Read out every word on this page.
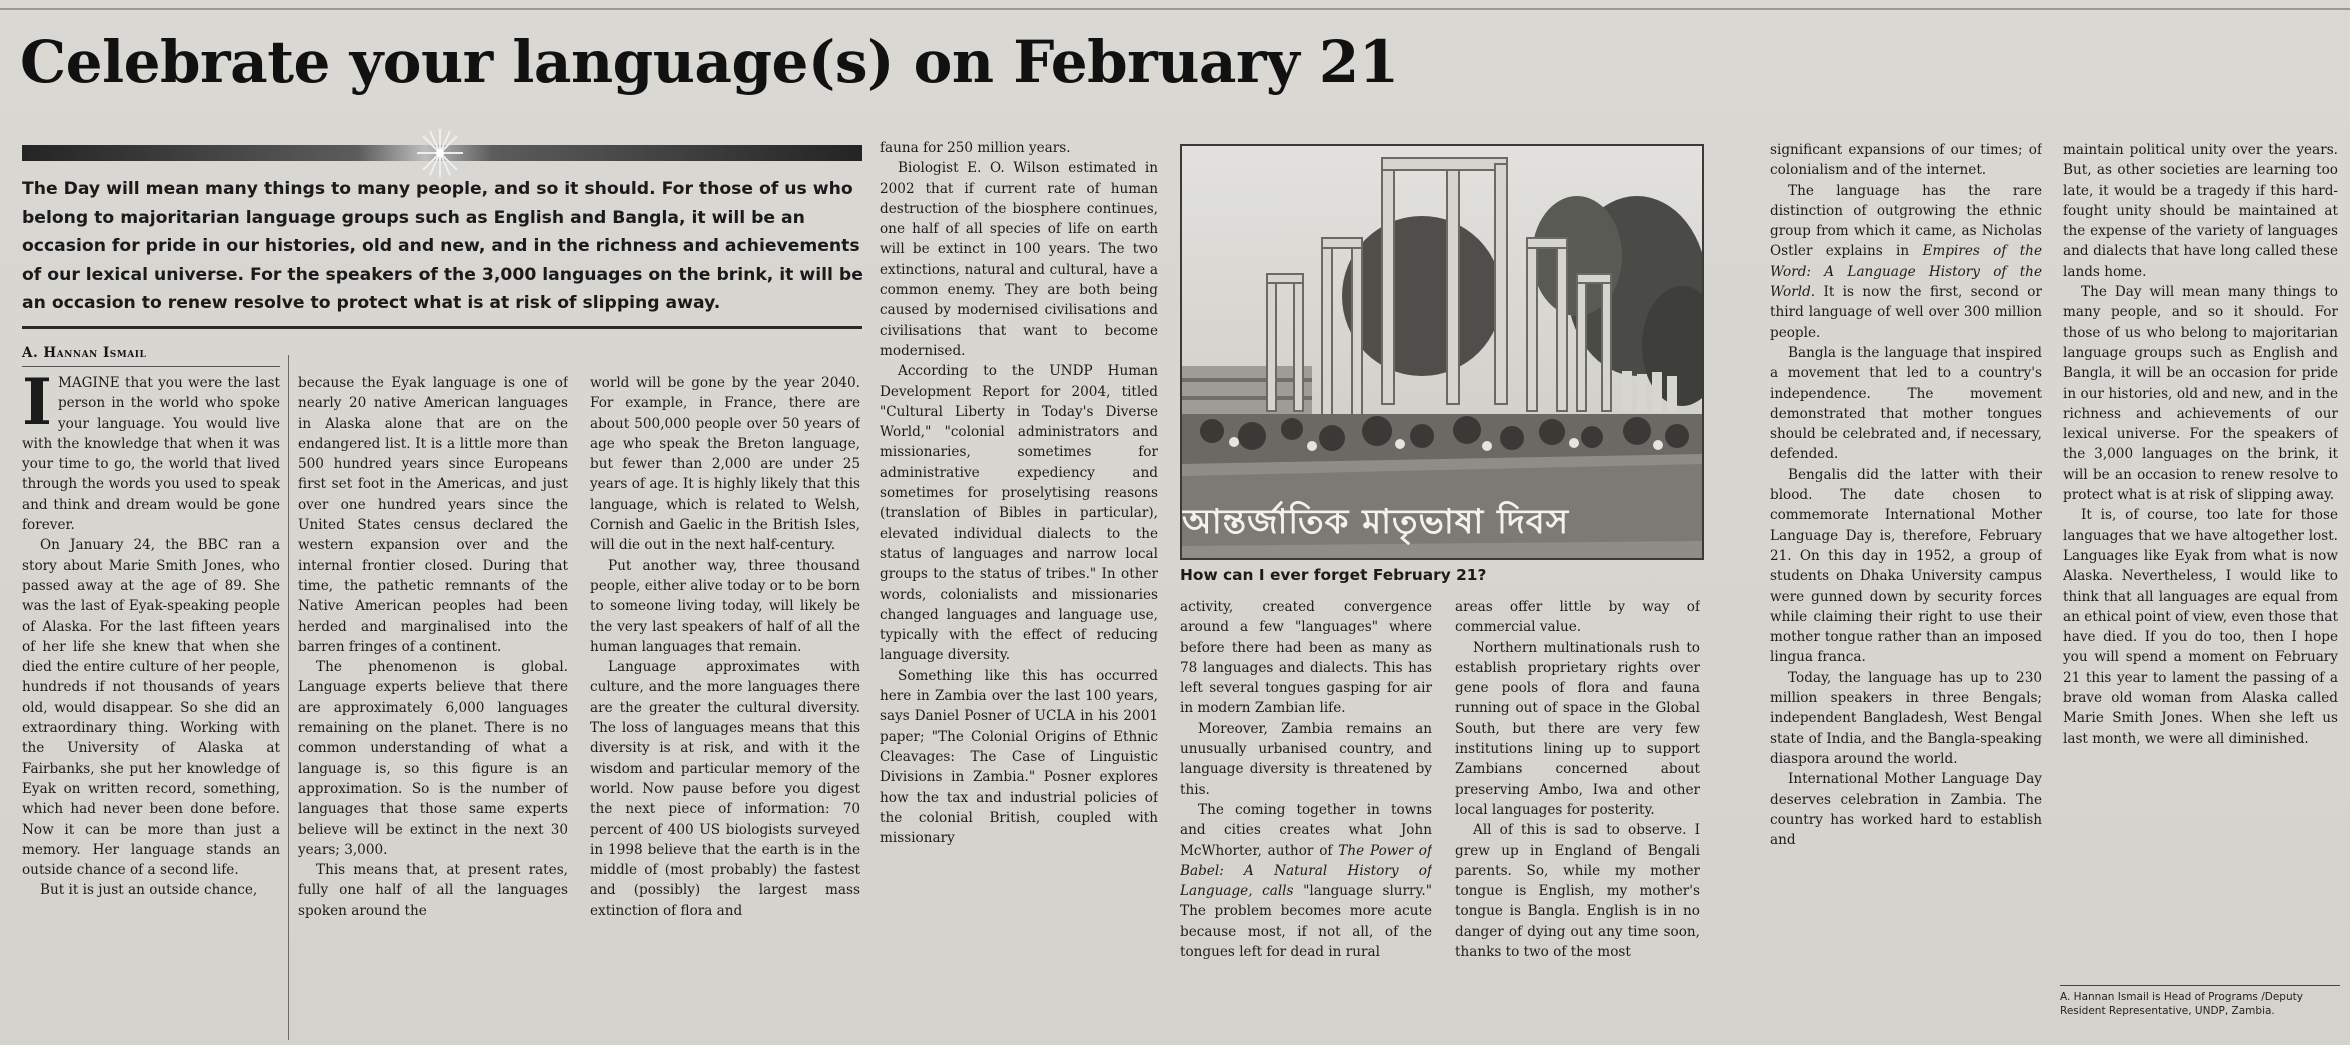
Celebrate your language(s) on February 21

The Day will mean many things to many people, and so it should. For those of us who belong to majoritarian language groups such as English and Bangla, it will be an occasion for pride in our histories, old and new, and in the richness and achievements of our lexical universe. For the speakers of the 3,000 languages on the brink, it will be an occasion to renew resolve to protect what is at risk of slipping away.

A. Hannan Ismail

IMAGINE that you were the last person in the world who spoke your language. You would live with the knowledge that when it was your time to go, the world that lived through the words you used to speak and think and dream would be gone forever.

On January 24, the BBC ran a story about Marie Smith Jones, who passed away at the age of 89. She was the last of Eyak-speaking people of Alaska. For the last fifteen years of her life she knew that when she died the entire culture of her people, hundreds if not thousands of years old, would disappear. So she did an extraordinary thing. Working with the University of Alaska at Fairbanks, she put her knowledge of Eyak on written record, something, which had never been done before. Now it can be more than just a memory. Her language stands an outside chance of a second life.

But it is just an outside chance,

because the Eyak language is one of nearly 20 native American languages in Alaska alone that are on the endangered list. It is a little more than 500 hundred years since Europeans first set foot in the Americas, and just over one hundred years since the United States census declared the western expansion over and the internal frontier closed. During that time, the pathetic remnants of the Native American peoples had been herded and marginalised into the barren fringes of a continent.

The phenomenon is global. Language experts believe that there are approximately 6,000 languages remaining on the planet. There is no common understanding of what a language is, so this figure is an approximation. So is the number of languages that those same experts believe will be extinct in the next 30 years; 3,000.

This means that, at present rates, fully one half of all the languages spoken around the

world will be gone by the year 2040. For example, in France, there are about 500,000 people over 50 years of age who speak the Breton language, but fewer than 2,000 are under 25 years of age. It is highly likely that this language, which is related to Welsh, Cornish and Gaelic in the British Isles, will die out in the next half-century.

Put another way, three thousand people, either alive today or to be born to someone living today, will likely be the very last speakers of half of all the human languages that remain.

Language approximates with culture, and the more languages there are the greater the cultural diversity. The loss of languages means that this diversity is at risk, and with it the wisdom and particular memory of the world. Now pause before you digest the next piece of information: 70 percent of 400 US biologists surveyed in 1998 believe that the earth is in the middle of (most probably) the fastest and (possibly) the largest mass extinction of flora and

fauna for 250 million years.

Biologist E. O. Wilson estimated in 2002 that if current rate of human destruction of the biosphere continues, one half of all species of life on earth will be extinct in 100 years. The two extinctions, natural and cultural, have a common enemy. They are both being caused by modernised civilisations and civilisations that want to become modernised.

According to the UNDP Human Development Report for 2004, titled "Cultural Liberty in Today's Diverse World," "colonial administrators and missionaries, sometimes for administrative expediency and sometimes for proselytising reasons (translation of Bibles in particular), elevated individual dialects to the status of languages and narrow local groups to the status of tribes." In other words, colonialists and missionaries changed languages and language use, typically with the effect of reducing language diversity.

Something like this has occurred here in Zambia over the last 100 years, says Daniel Posner of UCLA in his 2001 paper; "The Colonial Origins of Ethnic Cleavages: The Case of Linguistic Divisions in Zambia." Posner explores how the tax and industrial policies of the colonial British, coupled with missionary

আন্তর্জাতিক মাতৃভাষা দিবস

How can I ever forget February 21?

activity, created convergence around a few "languages" where before there had been as many as 78 languages and dialects. This has left several tongues gasping for air in modern Zambian life.

Moreover, Zambia remains an unusually urbanised country, and language diversity is threatened by this.

The coming together in towns and cities creates what John McWhorter, author of The Power of Babel: A Natural History of Language, calls "language slurry." The problem becomes more acute because most, if not all, of the tongues left for dead in rural

areas offer little by way of commercial value.

Northern multinationals rush to establish proprietary rights over gene pools of flora and fauna running out of space in the Global South, but there are very few institutions lining up to support Zambians concerned about preserving Ambo, Iwa and other local languages for posterity.

All of this is sad to observe. I grew up in England of Bengali parents. So, while my mother tongue is English, my mother's tongue is Bangla. English is in no danger of dying out any time soon, thanks to two of the most

significant expansions of our times; of colonialism and of the internet.

The language has the rare distinction of outgrowing the ethnic group from which it came, as Nicholas Ostler explains in Empires of the Word: A Language History of the World. It is now the first, second or third language of well over 300 million people.

Bangla is the language that inspired a movement that led to a country's independence. The movement demonstrated that mother tongues should be celebrated and, if necessary, defended.

Bengalis did the latter with their blood. The date chosen to commemorate International Mother Language Day is, therefore, February 21. On this day in 1952, a group of students on Dhaka University campus were gunned down by security forces while claiming their right to use their mother tongue rather than an imposed lingua franca.

Today, the language has up to 230 million speakers in three Bengals; independent Bangladesh, West Bengal state of India, and the Bangla-speaking diaspora around the world.

International Mother Language Day deserves celebration in Zambia. The country has worked hard to establish and

maintain political unity over the years. But, as other societies are learning too late, it would be a tragedy if this hard-fought unity should be maintained at the expense of the variety of languages and dialects that have long called these lands home.

The Day will mean many things to many people, and so it should. For those of us who belong to majoritarian language groups such as English and Bangla, it will be an occasion for pride in our histories, old and new, and in the richness and achievements of our lexical universe. For the speakers of the 3,000 languages on the brink, it will be an occasion to renew resolve to protect what is at risk of slipping away.

It is, of course, too late for those languages that we have altogether lost. Languages like Eyak from what is now Alaska. Nevertheless, I would like to think that all languages are equal from an ethical point of view, even those that have died. If you do too, then I hope you will spend a moment on February 21 this year to lament the passing of a brave old woman from Alaska called Marie Smith Jones. When she left us last month, we were all diminished.

A. Hannan Ismail is Head of Programs /Deputy Resident Representative, UNDP, Zambia.
